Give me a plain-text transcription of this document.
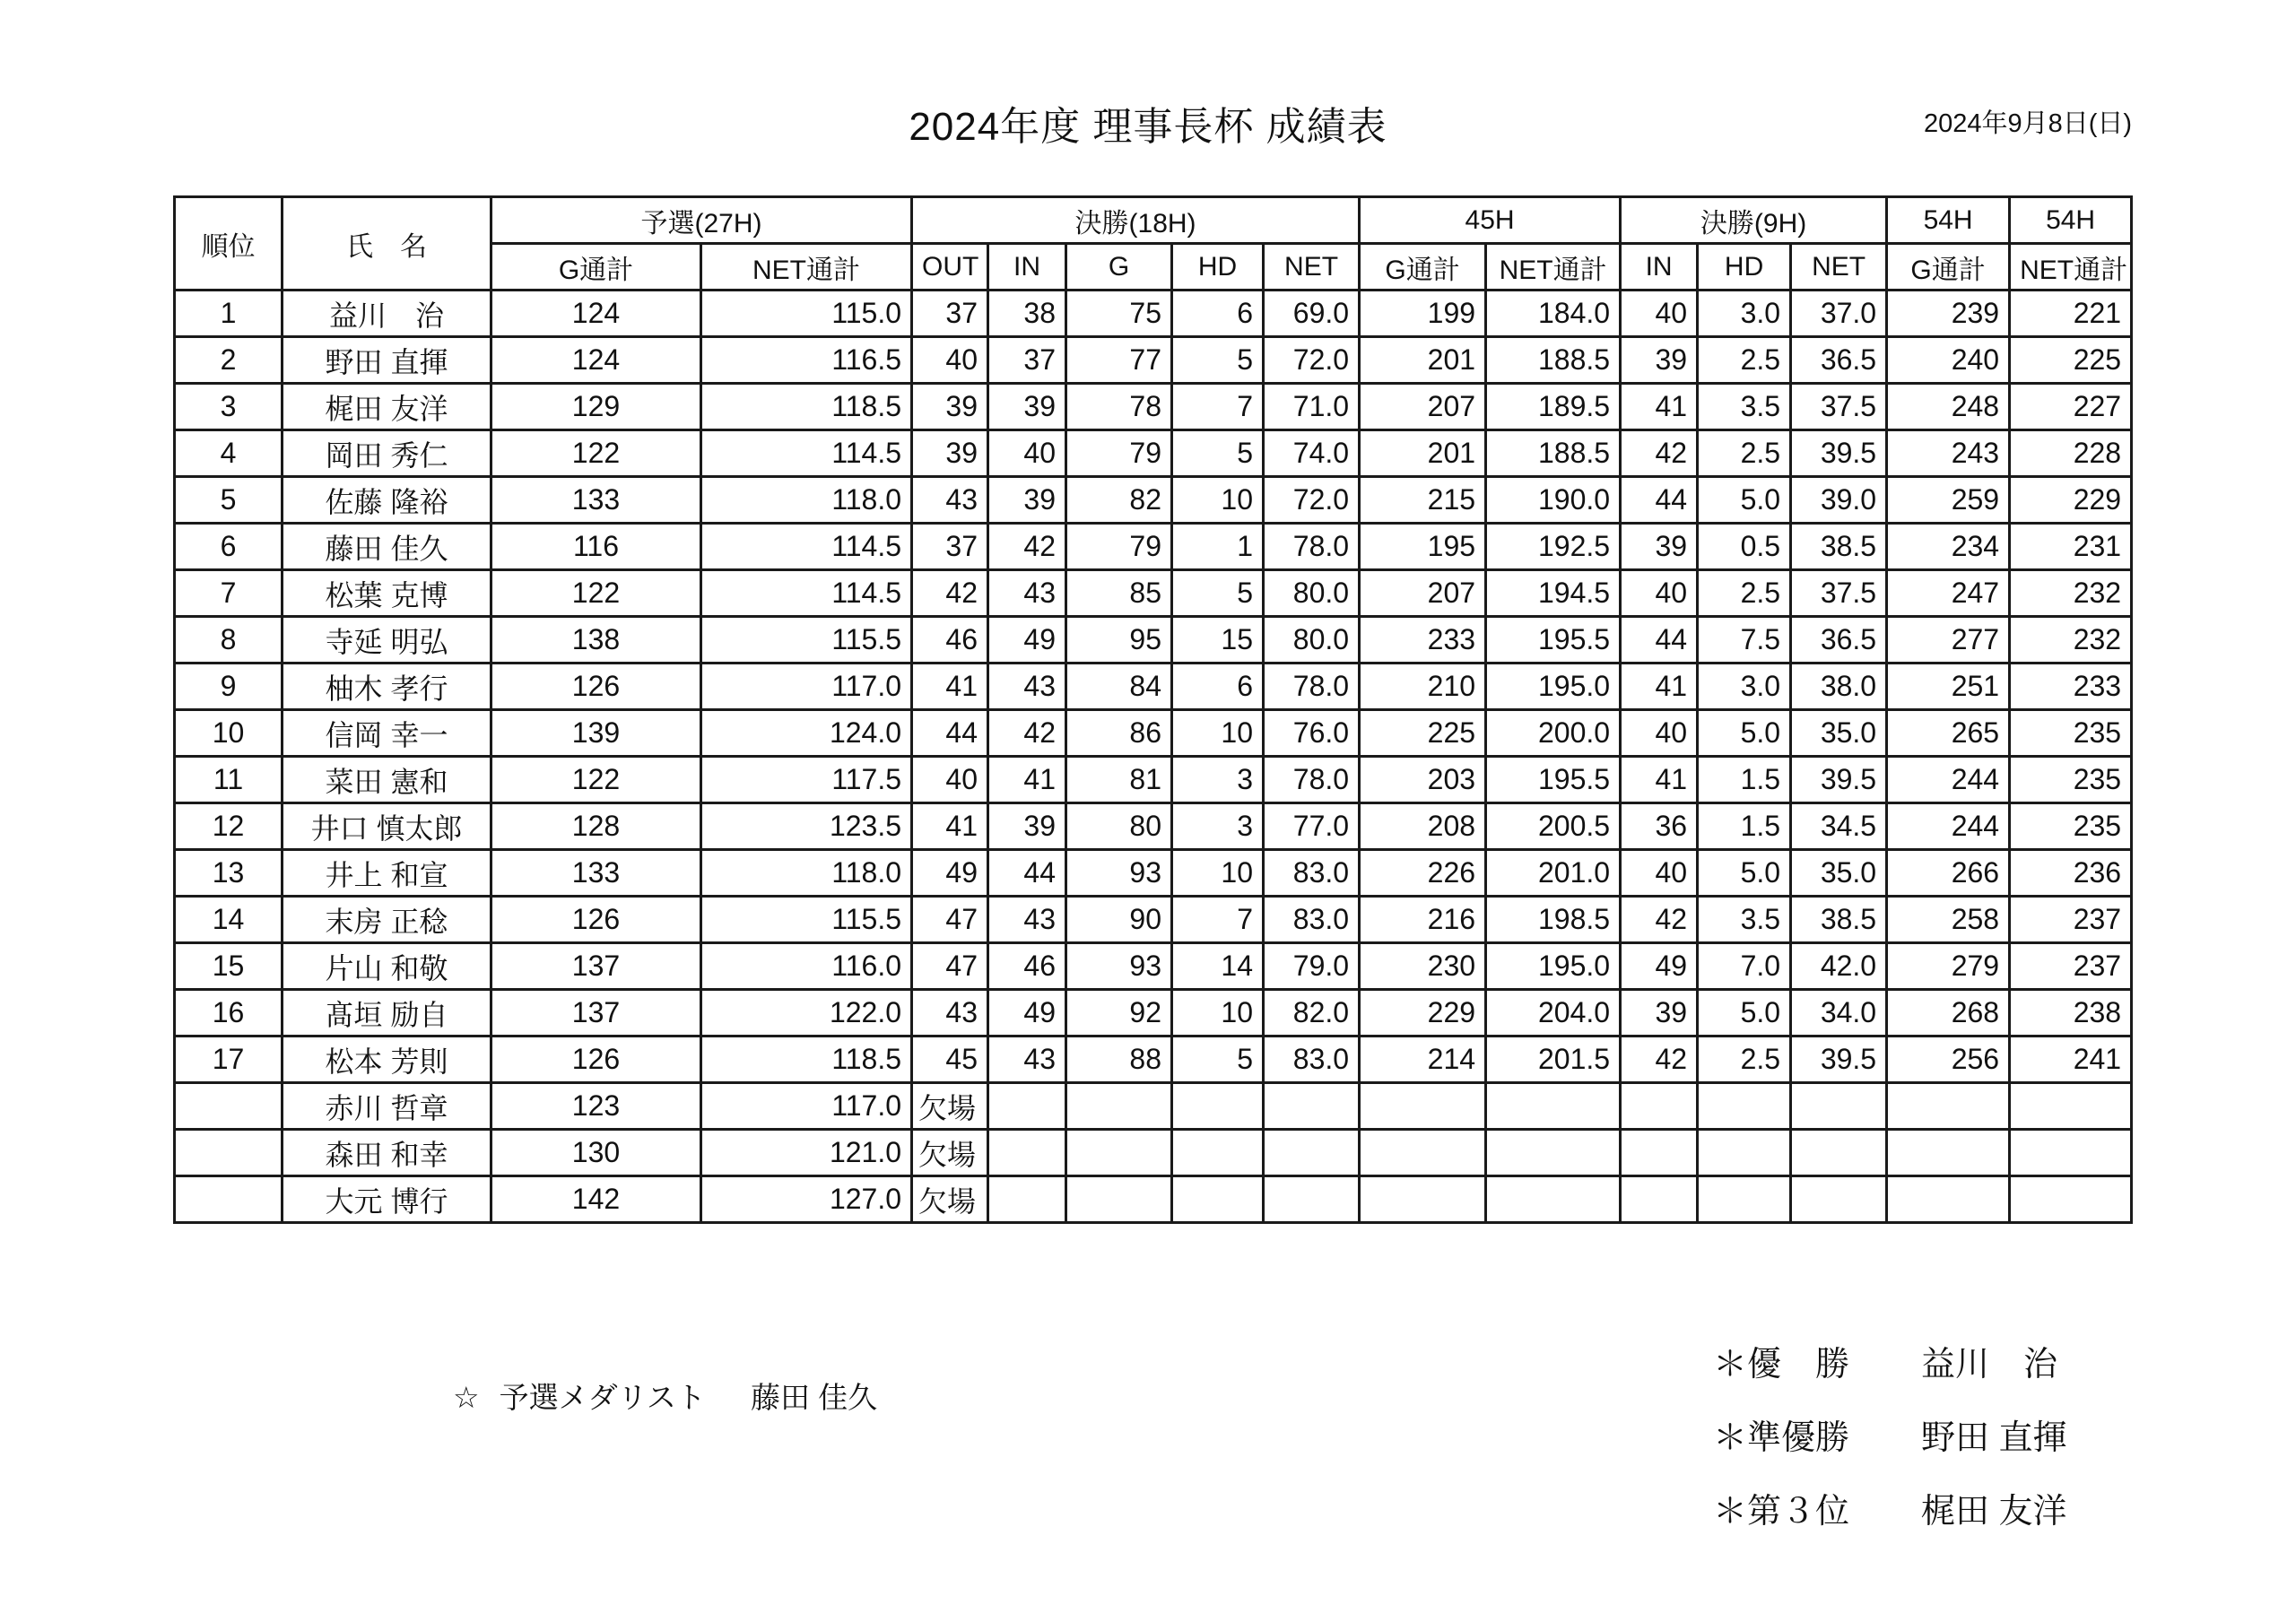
2024年度 理事長杯 成績表	2024年9月8日(日)
順位	氏　名	予選(27H)		決勝(18H)					45H		決勝(9H)			54H	54H
		G通計	NET通計	OUT	IN	G	HD	NET	G通計	NET通計	IN	HD	NET	G通計	NET通計
1	益川　治	124	115.0	37	38	75	6	69.0	199	184.0	40	3.0	37.0	239	221
2	野田 直揮	124	116.5	40	37	77	5	72.0	201	188.5	39	2.5	36.5	240	225
3	梶田 友洋	129	118.5	39	39	78	7	71.0	207	189.5	41	3.5	37.5	248	227
4	岡田 秀仁	122	114.5	39	40	79	5	74.0	201	188.5	42	2.5	39.5	243	228
5	佐藤 隆裕	133	118.0	43	39	82	10	72.0	215	190.0	44	5.0	39.0	259	229
6	藤田 佳久	116	114.5	37	42	79	1	78.0	195	192.5	39	0.5	38.5	234	231
7	松葉 克博	122	114.5	42	43	85	5	80.0	207	194.5	40	2.5	37.5	247	232
8	寺延 明弘	138	115.5	46	49	95	15	80.0	233	195.5	44	7.5	36.5	277	232
9	柚木 孝行	126	117.0	41	43	84	6	78.0	210	195.0	41	3.0	38.0	251	233
10	信岡 幸一	139	124.0	44	42	86	10	76.0	225	200.0	40	5.0	35.0	265	235
11	菜田 憲和	122	117.5	40	41	81	3	78.0	203	195.5	41	1.5	39.5	244	235
12	井口 慎太郎	128	123.5	41	39	80	3	77.0	208	200.5	36	1.5	34.5	244	235
13	井上 和宣	133	118.0	49	44	93	10	83.0	226	201.0	40	5.0	35.0	266	236
14	末房 正稔	126	115.5	47	43	90	7	83.0	216	198.5	42	3.5	38.5	258	237
15	片山 和敬	137	116.0	47	46	93	14	79.0	230	195.0	49	7.0	42.0	279	237
16	髙垣 励自	137	122.0	43	49	92	10	82.0	229	204.0	39	5.0	34.0	268	238
17	松本 芳則	126	118.5	45	43	88	5	83.0	214	201.5	42	2.5	39.5	256	241
	赤川 哲章	123	117.0	欠場											
	森田 和幸	130	121.0	欠場											
	大元 博行	142	127.0	欠場											
☆ 予選メダリスト 藤田 佳久
＊優　勝 益川　治
＊準優勝 野田 直揮
＊第３位 梶田 友洋
